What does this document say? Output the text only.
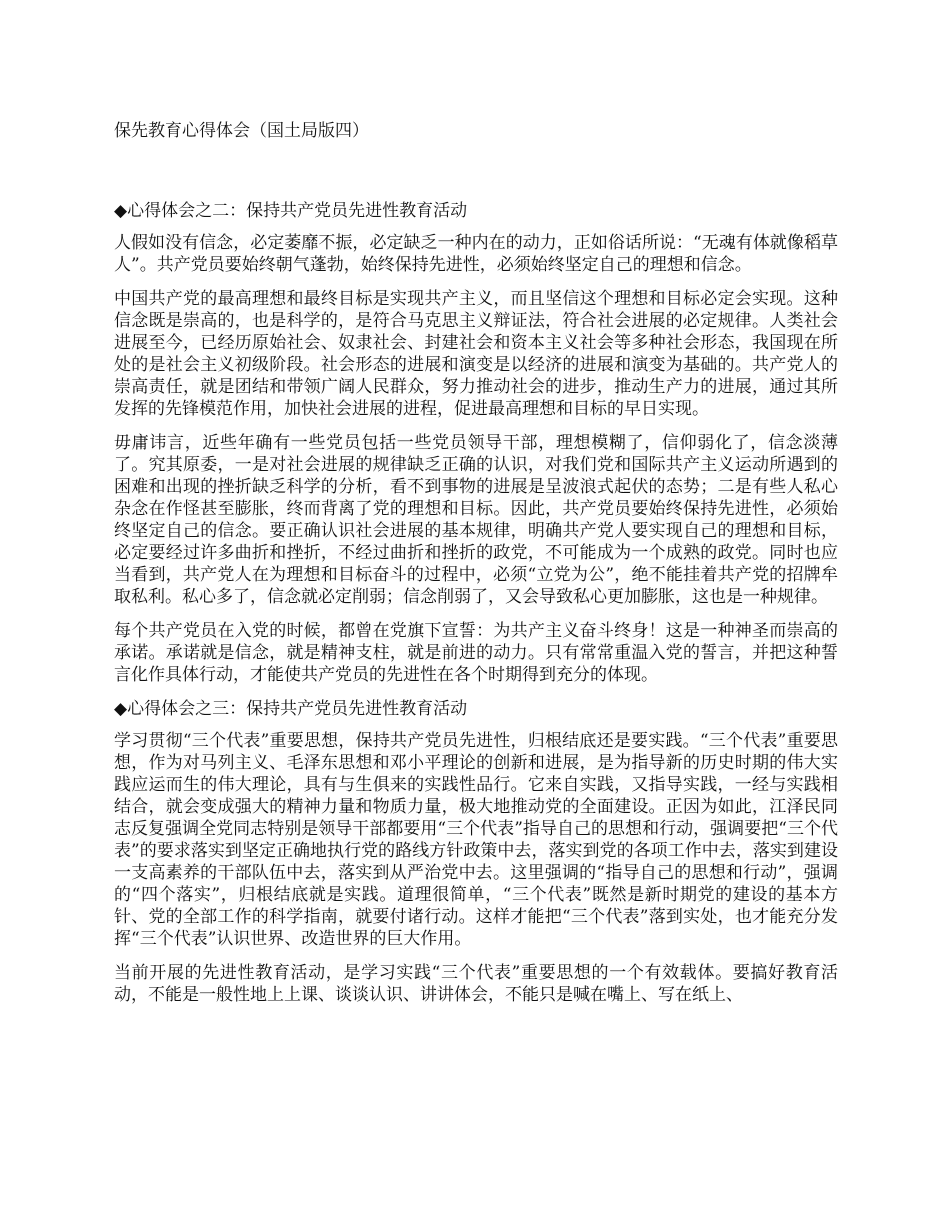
保先教育心得体会（国土局版四）
◆心得体会之二：保持共产党员先进性教育活动

人假如没有信念，必定萎靡不振，必定缺乏一种内在的动力，正如俗话所说：“无魂有体就像稻草人”。共产党员要始终朝气蓬勃，始终保持先进性，必须始终坚定自己的理想和信念。

中国共产党的最高理想和最终目标是实现共产主义，而且坚信这个理想和目标必定会实现。这种信念既是崇高的，也是科学的，是符合马克思主义辩证法，符合社会进展的必定规律。人类社会进展至今，已经历原始社会、奴隶社会、封建社会和资本主义社会等多种社会形态，我国现在所处的是社会主义初级阶段。社会形态的进展和演变是以经济的进展和演变为基础的。共产党人的崇高责任，就是团结和带领广阔人民群众，努力推动社会的进步，推动生产力的进展，通过其所发挥的先锋模范作用，加快社会进展的进程，促进最高理想和目标的早日实现。

毋庸讳言，近些年确有一些党员包括一些党员领导干部，理想模糊了，信仰弱化了，信念淡薄了。究其原委，一是对社会进展的规律缺乏正确的认识，对我们党和国际共产主义运动所遇到的困难和出现的挫折缺乏科学的分析，看不到事物的进展是呈波浪式起伏的态势；二是有些人私心杂念在作怪甚至膨胀，终而背离了党的理想和目标。因此，共产党员要始终保持先进性，必须始终坚定自己的信念。要正确认识社会进展的基本规律，明确共产党人要实现自己的理想和目标，必定要经过许多曲折和挫折，不经过曲折和挫折的政党，不可能成为一个成熟的政党。同时也应当看到，共产党人在为理想和目标奋斗的过程中，必须“立党为公”，绝不能挂着共产党的招牌牟取私利。私心多了，信念就必定削弱；信念削弱了，又会导致私心更加膨胀，这也是一种规律。

每个共产党员在入党的时候，都曾在党旗下宣誓：为共产主义奋斗终身！这是一种神圣而崇高的承诺。承诺就是信念，就是精神支柱，就是前进的动力。只有常常重温入党的誓言，并把这种誓言化作具体行动，才能使共产党员的先进性在各个时期得到充分的体现。

◆心得体会之三：保持共产党员先进性教育活动

学习贯彻“三个代表”重要思想，保持共产党员先进性，归根结底还是要实践。“三个代表”重要思想，作为对马列主义、毛泽东思想和邓小平理论的创新和进展，是为指导新的历史时期的伟大实践应运而生的伟大理论，具有与生俱来的实践性品行。它来自实践，又指导实践，一经与实践相结合，就会变成强大的精神力量和物质力量，极大地推动党的全面建设。正因为如此，江泽民同志反复强调全党同志特别是领导干部都要用“三个代表”指导自己的思想和行动，强调要把“三个代表”的要求落实到坚定正确地执行党的路线方针政策中去，落实到党的各项工作中去，落实到建设一支高素养的干部队伍中去，落实到从严治党中去。这里强调的“指导自己的思想和行动”，强调的“四个落实”，归根结底就是实践。道理很简单，“三个代表”既然是新时期党的建设的基本方针、党的全部工作的科学指南，就要付诸行动。这样才能把“三个代表”落到实处，也才能充分发挥“三个代表”认识世界、改造世界的巨大作用。

当前开展的先进性教育活动，是学习实践“三个代表”重要思想的一个有效载体。要搞好教育活动，不能是一般性地上上课、谈谈认识、讲讲体会，不能只是喊在嘴上、写在纸上、
